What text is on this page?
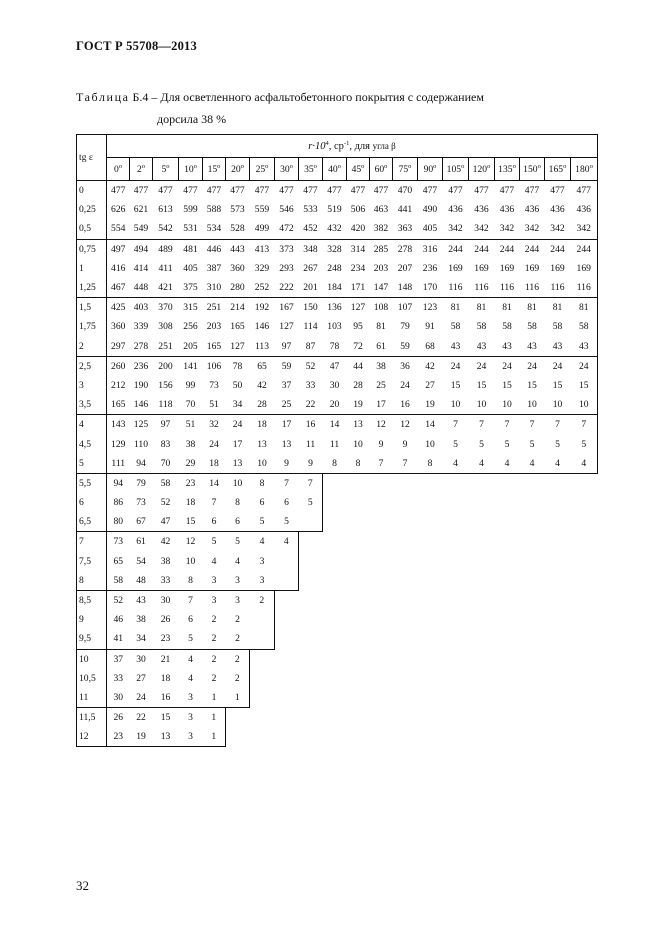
ГОСТ Р 55708—2013
Таблица Б.4 – Для осветленного асфальтобетонного покрытия с содержанием
дорсила 38 %
tg ε	$r\cdot 10^4$, $ср^{-1}$, для угла β																			
	0$^o$	2$^o$	5$^o$	10$^o$	15$^o$	20$^o$	25$^o$	30$^o$	35$^o$	40$^o$	45$^o$	60$^o$	75$^o$	90$^o$	105$^o$	120$^o$	135$^o$	150$^o$	165$^o$	180$^o$
0	477	477	477	477	477	477	477	477	477	477	477	477	470	477	477	477	477	477	477	477
0,25	626	621	613	599	588	573	559	546	533	519	506	463	441	490	436	436	436	436	436	436
0,5	554	549	542	531	534	528	499	472	452	432	420	382	363	405	342	342	342	342	342	342
0,75	497	494	489	481	446	443	413	373	348	328	314	285	278	316	244	244	244	244	244	244
1	416	414	411	405	387	360	329	293	267	248	234	203	207	236	169	169	169	169	169	169
1,25	467	448	421	375	310	280	252	222	201	184	171	147	148	170	116	116	116	116	116	116
1,5	425	403	370	315	251	214	192	167	150	136	127	108	107	123	81	81	81	81	81	81
1,75	360	339	308	256	203	165	146	127	114	103	95	81	79	91	58	58	58	58	58	58
2	297	278	251	205	165	127	113	97	87	78	72	61	59	68	43	43	43	43	43	43
2,5	260	236	200	141	106	78	65	59	52	47	44	38	36	42	24	24	24	24	24	24
3	212	190	156	99	73	50	42	37	33	30	28	25	24	27	15	15	15	15	15	15
3,5	165	146	118	70	51	34	28	25	22	20	19	17	16	19	10	10	10	10	10	10
4	143	125	97	51	32	24	18	17	16	14	13	12	12	14	7	7	7	7	7	7
4,5	129	110	83	38	24	17	13	13	11	11	10	9	9	10	5	5	5	5	5	5
5	111	94	70	29	18	13	10	9	9	8	8	7	7	8	4	4	4	4	4	4
5,5	94	79	58	23	14	10	8	7	7											
6	86	73	52	18	7	8	6	6	5											
6,5	80	67	47	15	6	6	5	5												
7	73	61	42	12	5	5	4	4												
7,5	65	54	38	10	4	4	3													
8	58	48	33	8	3	3	3													
8,5	52	43	30	7	3	3	2													
9	46	38	26	6	2	2														
9,5	41	34	23	5	2	2														
10	37	30	21	4	2	2														
10,5	33	27	18	4	2	2														
11	30	24	16	3	1	1														
11,5	26	22	15	3	1															
12	23	19	13	3	1															
32
